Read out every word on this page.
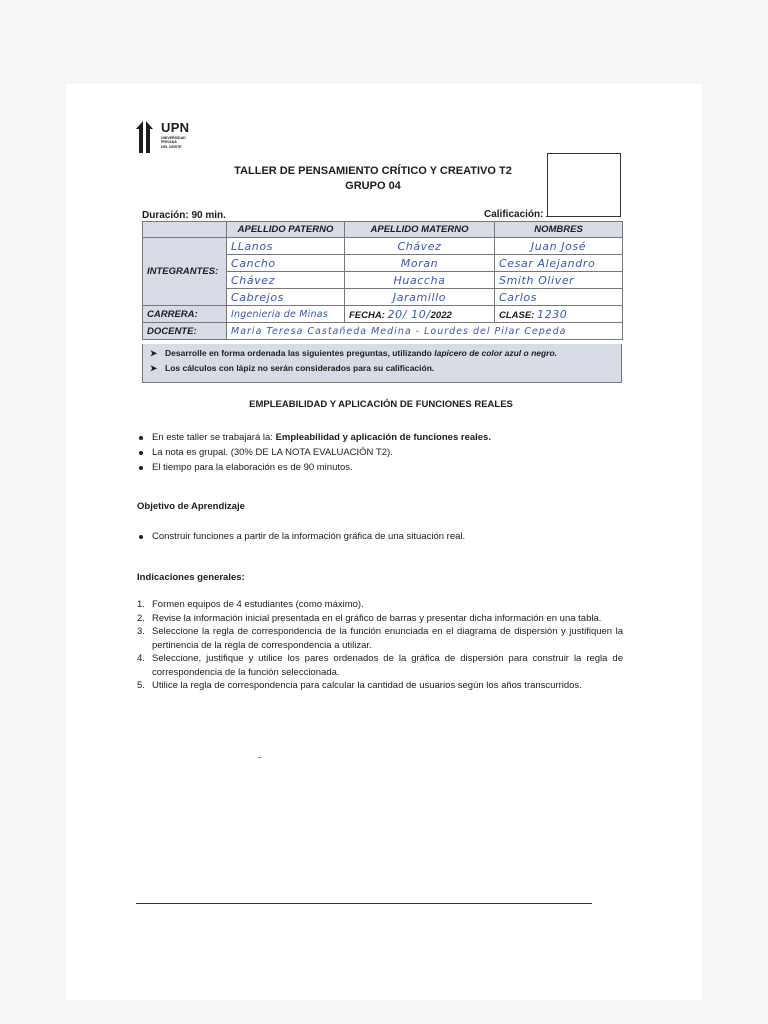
UPN
UNIVERSIDAD
PRIVADA
DEL NORTE
TALLER DE PENSAMIENTO CRÍTICO Y CREATIVO T2
GRUPO 04
Duración: 90 min.	Calificación:
	APELLIDO PATERNO	APELLIDO MATERNO	NOMBRES
INTEGRANTES:	LLanos	Chávez	Juan José
	Cancho	Moran	Cesar Alejandro
	Chávez	Huaccha	Smith Oliver
	Cabrejos	Jaramillo	Carlos
CARRERA:	Ingenieria de Minas	FECHA: 20/ 10/2022	CLASE: 1230
DOCENTE:	Maria Teresa Castañeda Medina - Lourdes del Pilar Cepeda		
➤ Desarrolle en forma ordenada las siguientes preguntas, utilizando lapicero de color azul o negro.
➤ Los cálculos con lápiz no serán considerados para su calificación.
EMPLEABILIDAD Y APLICACIÓN DE FUNCIONES REALES
En este taller se trabajará la: Empleabilidad y aplicación de funciones reales.
La nota es grupal. (30% DE LA NOTA EVALUACIÓN T2).
El tiempo para la elaboración es de 90 minutos.
Objetivo de Aprendizaje
Construir funciones a partir de la información gráfica de una situación real.
Indicaciones generales:
1. Formen equipos de 4 estudiantes (como máximo).
2. Revise la información inicial presentada en el gráfico de barras y presentar dicha información en una tabla.
3. Seleccione la regla de correspondencia de la función enunciada en el diagrama de dispersión y justifiquen la pertinencia de la regla de correspondencia a utilizar.
4. Seleccione, justifique y utilice los pares ordenados de la gráfica de dispersión para construir la regla de correspondencia de la función seleccionada.
5. Utilice la regla de correspondencia para calcular la cantidad de usuarios según los años transcurridos.
